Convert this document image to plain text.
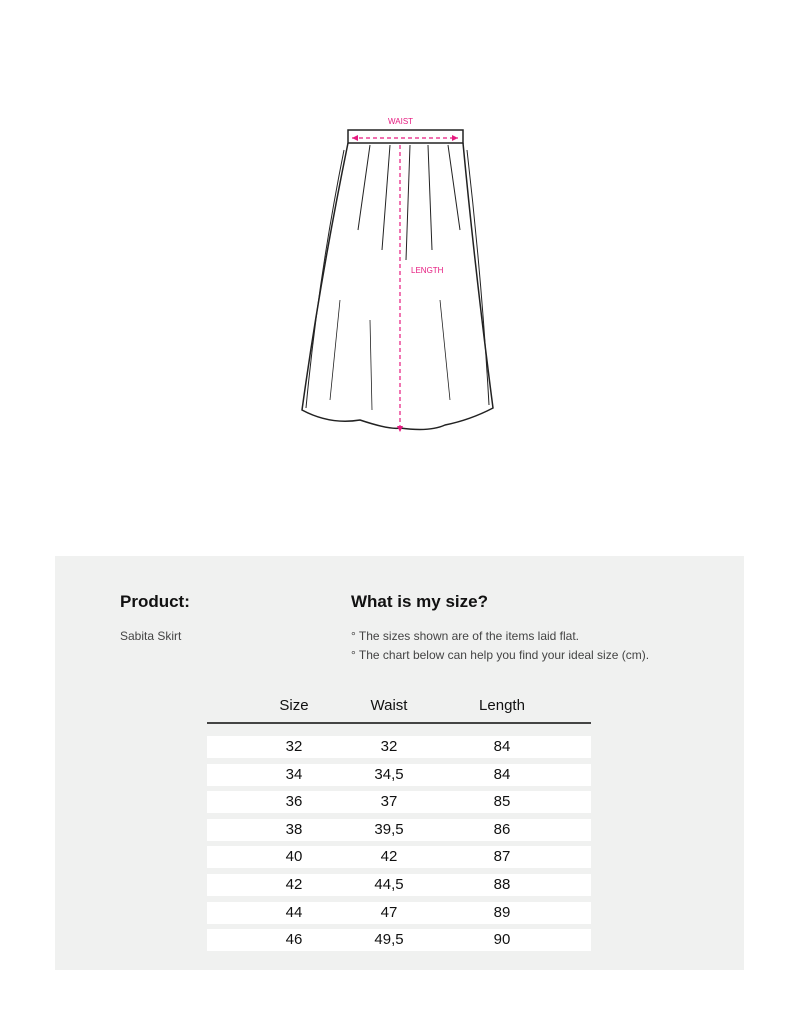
WAIST
LENGTH
Product:
Sabita Skirt
What is my size?
° The sizes shown are of the items laid flat.
° The chart below can help you find your ideal size (cm).
Size	Waist	Length
32	32	84
34	34,5	84
36	37	85
38	39,5	86
40	42	87
42	44,5	88
44	47	89
46	49,5	90
